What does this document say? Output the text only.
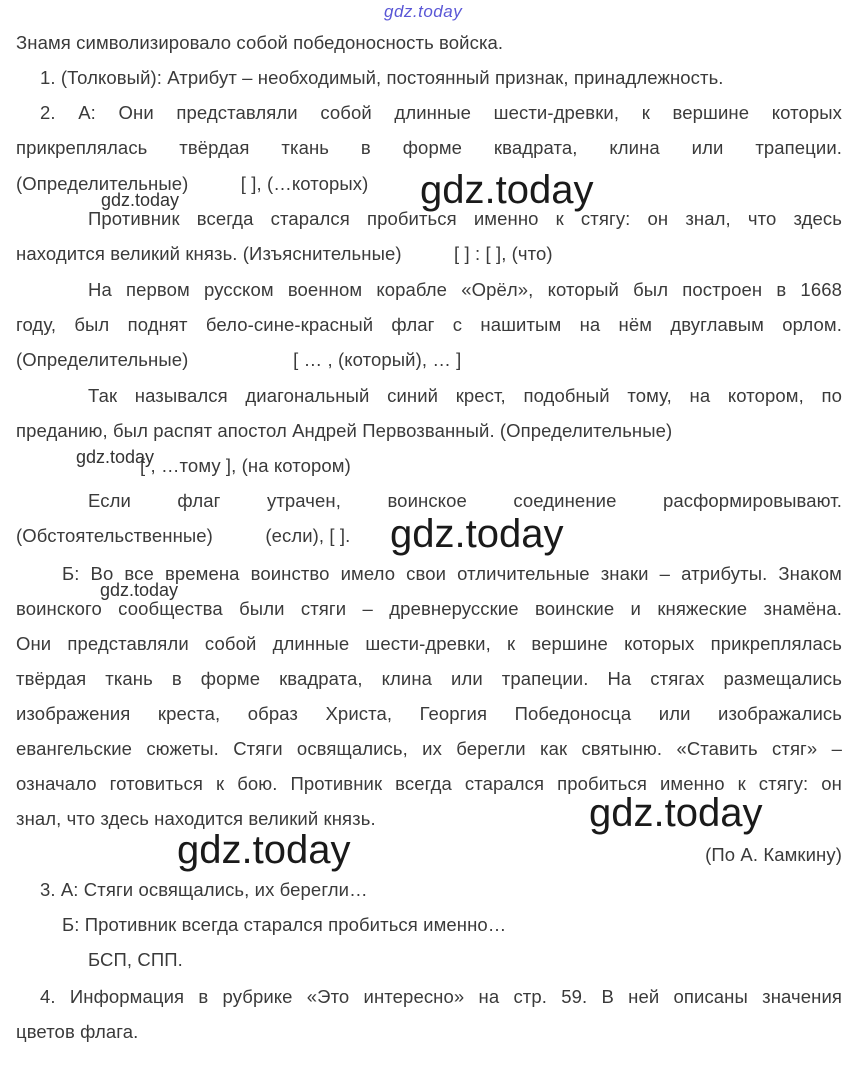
gdz.today
Знамя символизировало собой победоносность войска.
1. (Толковый): Атрибут – необходимый, постоянный признак, принадлежность.
2. А: Они представляли собой длинные шести-древки, к вершине которых
прикреплялась твёрдая ткань в форме квадрата, клина или трапеции.
(Определительные)          [ ], (…которых)
Противник всегда старался пробиться именно к стягу: он знал, что здесь
находится великий князь. (Изъяснительные)          [ ] : [ ], (что)
На первом русском военном корабле «Орёл», который был построен в 1668
году, был поднят бело-сине-красный флаг с нашитым на нём двуглавым орлом.
(Определительные)                    [ … , (который), … ]
Так назывался диагональный синий крест, подобный тому, на котором, по
преданию, был распят апостол Андрей Первозванный. (Определительные)
[ , …тому ], (на котором)
Если флаг утрачен, воинское соединение расформировывают.
(Обстоятельственные)          (если), [ ].
Б: Во все времена воинство имело свои отличительные знаки – атрибуты. Знаком
воинского сообщества были стяги – древнерусские воинские и княжеские знамёна.
Они представляли собой длинные шести-древки, к вершине которых прикреплялась
твёрдая ткань в форме квадрата, клина или трапеции. На стягах размещались
изображения креста, образ Христа, Георгия Победоносца или изображались
евангельские сюжеты. Стяги освящались, их берегли как святыню. «Ставить стяг» –
означало готовиться к бою. Противник всегда старался пробиться именно к стягу: он
знал, что здесь находится великий князь.
(По А. Камкину)
3. А: Стяги освящались, их берегли…
Б: Противник всегда старался пробиться именно…
БСП, СПП.
4. Информация в рубрике «Это интересно» на стр. 59. В ней описаны значения
цветов флага.
gdz.today	gdz.today
gdz.today
gdz.today
gdz.today
gdz.today
gdz.today
